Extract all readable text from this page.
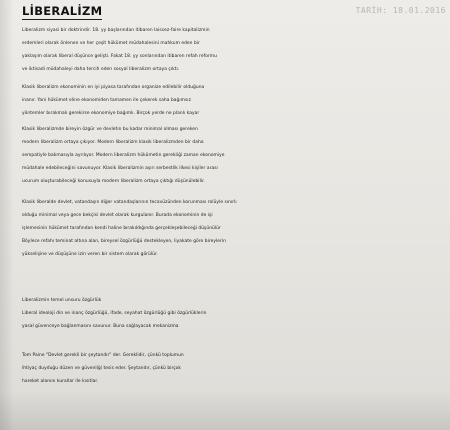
LİBERALİZM	TARİH: 18.01.2016
Liberalizm siyasi bir doktrindir. 18. yy başlarından itibaren laissez-faire kapitalizmin
erdemleri olarak önlenen ve her çeşit hükümet müdahalesini mahkum eden bir
yaklaşım olarak liberal düşünce gelişti. Fakat 18. yy sonlarından itibaren refah reformu
ve iktisadi müdahaleyi daha tercih eden sosyal liberalizm ortaya çıktı.
Klasik liberalizm ekonominin en iyi piyasa tarafından organize edilebilir olduğuna
inanır. Yani hükümet eline ekonomiden tamamen ile çekerek saha bağımsız
yöntemler bırakmalı gerekirse ekonomiye bağımlı. Birçok yerde ne planlı kayar
Klasik liberalizmde bireyin özgür ve devletin bu kadar minimal olması gereken
modern liberalizm ortaya çıkıyor. Modern liberalizm klasik liberalizmden bir daha
sempatiyle bakmasıyla ayrılıyor. Modern liberalizm hükümetin gerekliği zaman ekonomiye
müdahale edebileceğini savunuyor. Klasik liberalizmin aşırı serbestlik ilkesi kişiler arası
ucurum oluşturabileceği konusuyla modern liberalizm ortaya çıktığı düşünülebilir.
Klasik liberalde devlet, vatandaşın diğer vatandaşlarının tecavüzünden korunması rolüyle sınırlı
olduğu minimal veya gece bekçisi devlet olarak kurgulanır. Burada ekonominin de işi
işlemesinin hükümet tarafından kendi haline bırakıldığında gerçekleşebileceği düşünülür
Böylece refahı teminat altına alan, bireysel özgürlüğü destekleyen, liyakate göre bireylerin
yükselişine ve düşüşüne izin veren bir sistem olarak görülür.
Liberalizmin temel unsuru özgürlük
Liberal ideoloji din ve inanç özgürlüğü, ifade, seyahat özgürlüğü gibi özgürlüklerin
yasal güvenceye bağlanmasını savunur. Buna sağlayacak mekanizma
Tom Paine "Devlet gerekli bir şeytandır" der. Gereklidir, çünkü toplumun
ihtiyaç duyduğu düzen ve güvenliği tesis eder. Şeytandır, çünkü birçok
hareket alanını kurallar ile kısıtlar.
